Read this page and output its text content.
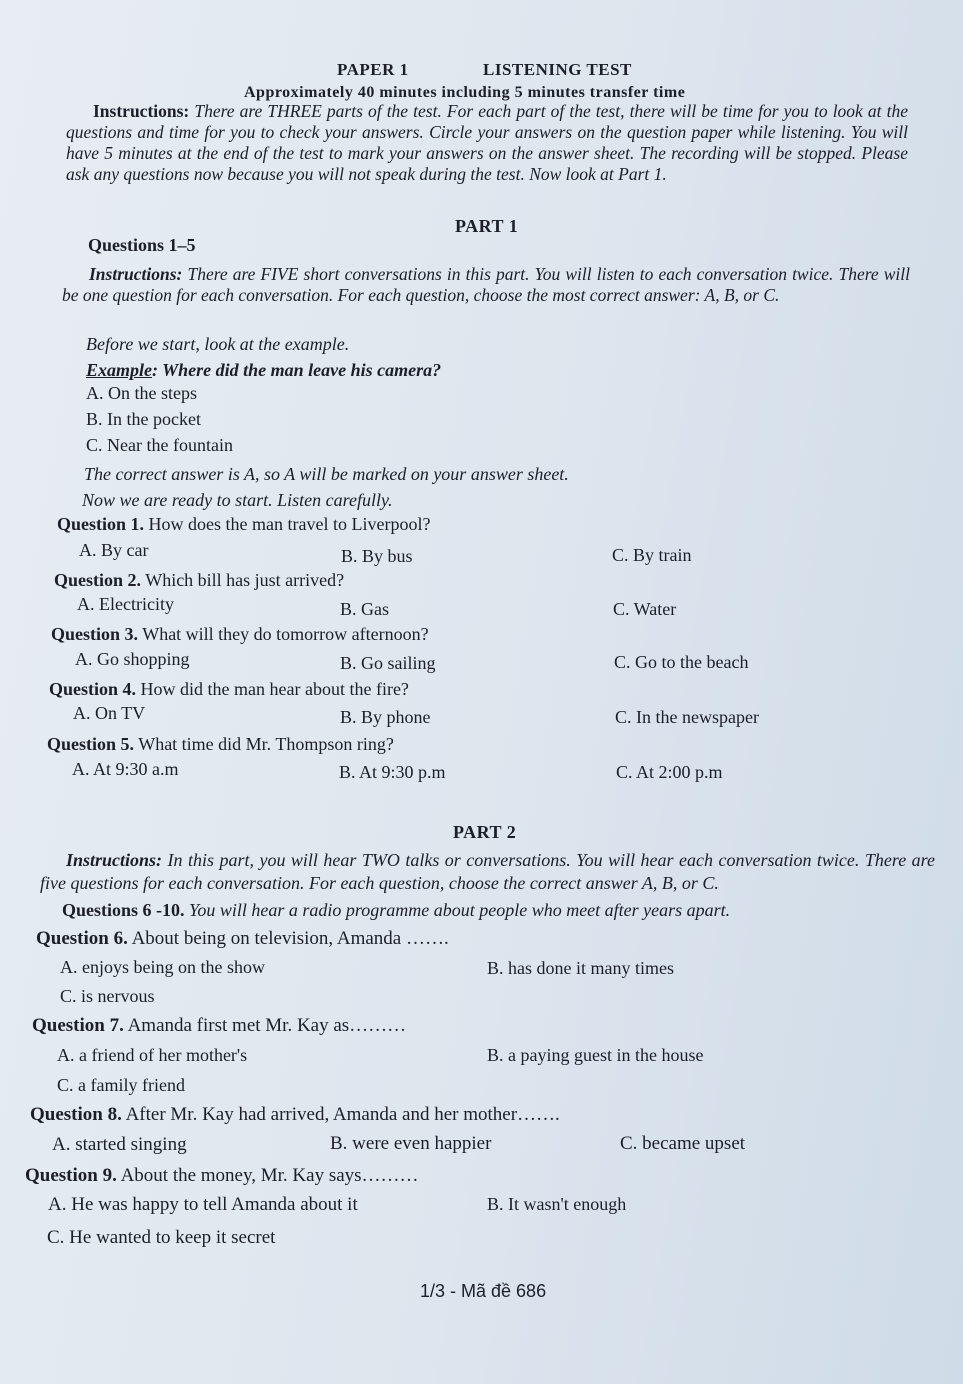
PAPER 1	LISTENING TEST
Approximately 40 minutes including 5 minutes transfer time
Instructions: There are THREE parts of the test. For each part of the test, there will be time for you to look at the questions and time for you to check your answers. Circle your answers on the question paper while listening. You will have 5 minutes at the end of the test to mark your answers on the answer sheet. The recording will be stopped. Please ask any questions now because you will not speak during the test. Now look at Part 1.
PART 1
Questions 1–5
Instructions: There are FIVE short conversations in this part. You will listen to each conversation twice. There will be one question for each conversation. For each question, choose the most correct answer: A, B, or C.
Before we start, look at the example.
Example: Where did the man leave his camera?
A. On the steps
B. In the pocket
C. Near the fountain
The correct answer is A, so A will be marked on your answer sheet.
Now we are ready to start. Listen carefully.
Question 1. How does the man travel to Liverpool?
A. By car	B. By bus	C. By train
Question 2. Which bill has just arrived?
A. Electricity	B. Gas	C. Water
Question 3. What will they do tomorrow afternoon?
A. Go shopping	B. Go sailing	C. Go to the beach
Question 4. How did the man hear about the fire?
A. On TV	B. By phone	C. In the newspaper
Question 5. What time did Mr. Thompson ring?
A. At 9:30 a.m	B. At 9:30 p.m	C. At 2:00 p.m
PART 2
Instructions: In this part, you will hear TWO talks or conversations. You will hear each conversation twice. There are five questions for each conversation. For each question, choose the correct answer A, B, or C.
Questions 6 -10. You will hear a radio programme about people who meet after years apart.
Question 6. About being on television, Amanda …….
A. enjoys being on the show	B. has done it many times
C. is nervous
Question 7. Amanda first met Mr. Kay as………
A. a friend of her mother's	B. a paying guest in the house
C. a family friend
Question 8. After Mr. Kay had arrived, Amanda and her mother…….
A. started singing	B. were even happier	C. became upset
Question 9. About the money, Mr. Kay says………
A. He was happy to tell Amanda about it	B. It wasn't enough
C. He wanted to keep it secret
1/3 - Mã đề 686
